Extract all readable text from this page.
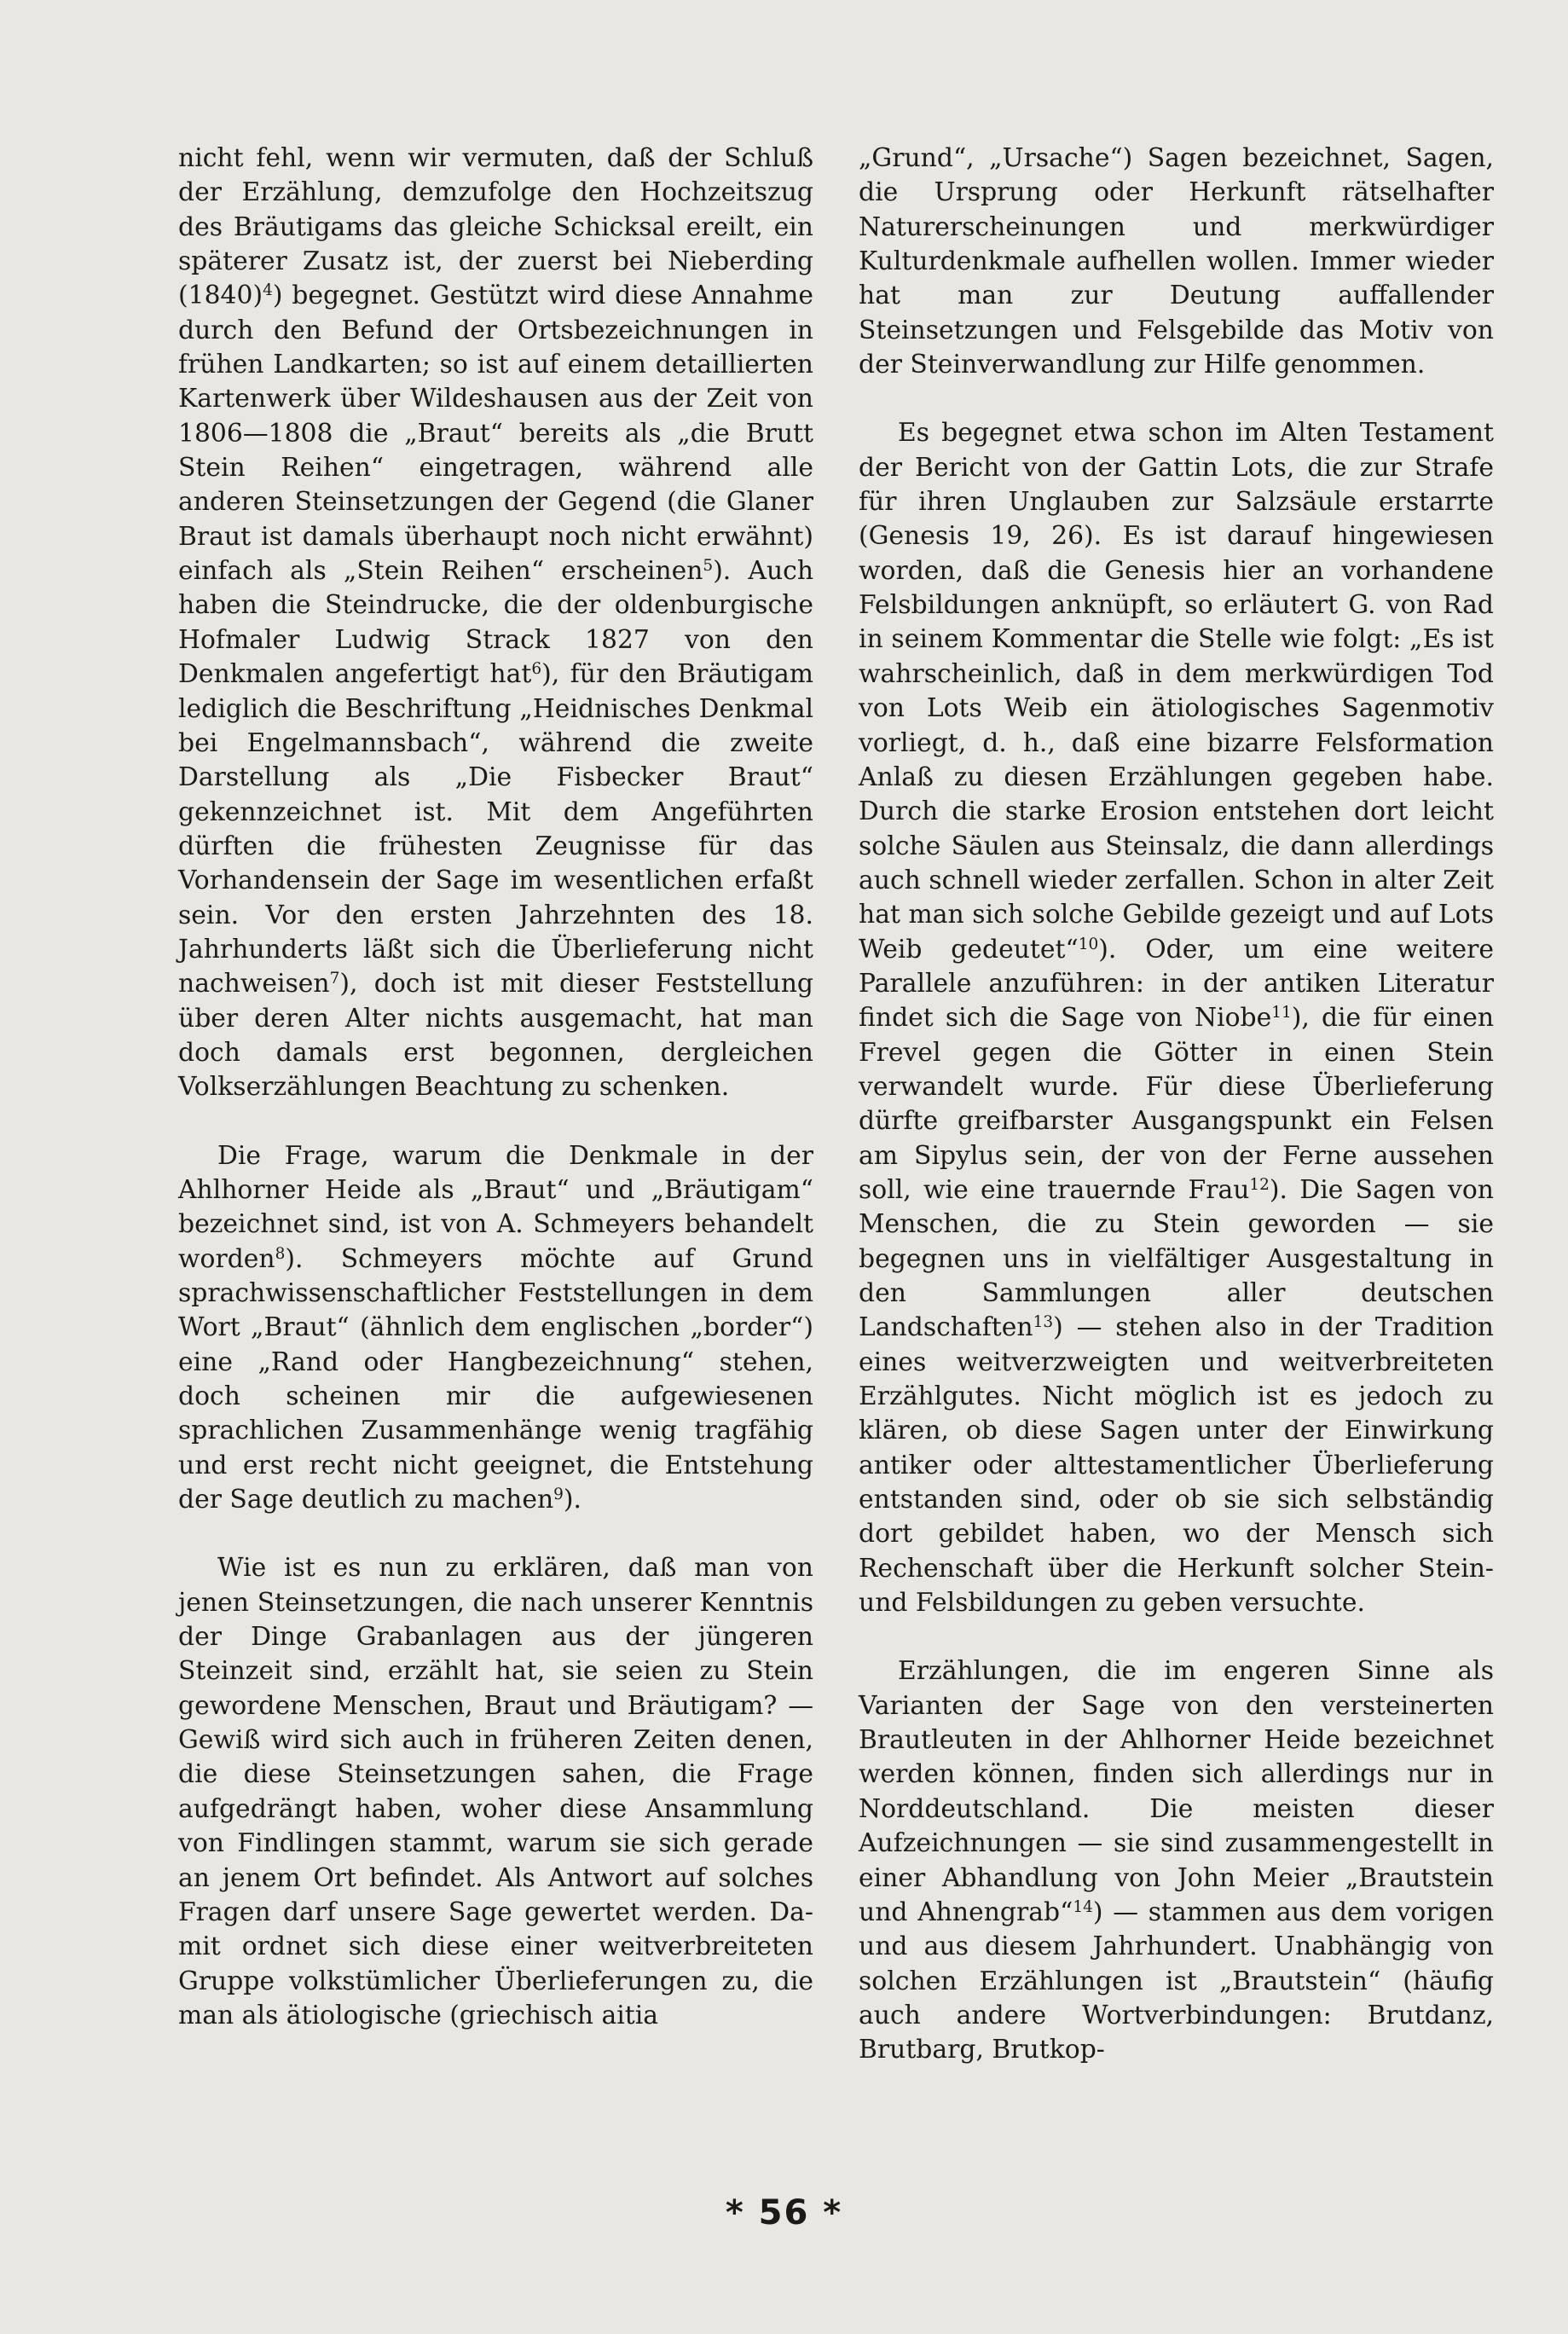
nicht fehl, wenn wir vermuten, daß der Schluß der Erzählung, demzufolge den Hochzeitszug des Bräutigams das gleiche Schicksal ereilt, ein späterer Zusatz ist, der zuerst bei Nieberding $(1840)^4$) begegnet. Gestützt wird diese Annahme durch den Befund der Ortsbezeichnungen in frühen Landkarten; so ist auf einem detaillierten Kartenwerk über Wildeshausen aus der Zeit von 1806—1808 die „Braut“ bereits als „die Brutt Stein Reihen“ eingetragen, während alle anderen Steinsetzungen der Gegend (die Glaner Braut ist damals überhaupt noch nicht erwähnt) einfach als „Stein Reihen“ erscheinen$^5$). Auch haben die Steindrucke, die der oldenburgische Hofmaler Ludwig Strack 1827 von den Denkmalen angefertigt hat$^6$), für den Bräutigam lediglich die Beschriftung „Heidnisches Denkmal bei Engelmannsbach“, während die zweite Darstellung als „Die Fisbecker Braut“ gekennzeichnet ist. Mit dem Angeführten dürften die frühesten Zeugnisse für das Vorhandensein der Sage im wesentlichen erfaßt sein. Vor den ersten Jahrzehnten des 18. Jahrhunderts läßt sich die Überlieferung nicht nachweisen$^7$), doch ist mit dieser Feststellung über deren Alter nichts ausgemacht, hat man doch damals erst begonnen, dergleichen Volkserzählungen Beachtung zu schenken.

Die Frage, warum die Denkmale in der Ahlhorner Heide als „Braut“ und „Bräutigam“ bezeichnet sind, ist von A. Schmeyers behandelt worden$^8$). Schmeyers möchte auf Grund sprachwissenschaftlicher Feststellungen in dem Wort „Braut“ (ähnlich dem englischen „border“) eine „Rand oder Hangbezeichnung“ stehen, doch scheinen mir die aufgewiesenen sprachlichen Zusammenhänge wenig tragfähig und erst recht nicht geeignet, die Entstehung der Sage deutlich zu machen$^9$).

Wie ist es nun zu erklären, daß man von jenen Steinsetzungen, die nach unserer Kenntnis der Dinge Grabanlagen aus der jüngeren Steinzeit sind, erzählt hat, sie seien zu Stein gewordene Menschen, Braut und Bräutigam? — Gewiß wird sich auch in früheren Zeiten denen, die diese Steinsetzungen sahen, die Frage aufgedrängt haben, woher diese Ansammlung von Findlingen stammt, warum sie sich gerade an jenem Ort befindet. Als Antwort auf solches Fragen darf unsere Sage gewertet werden. Damit ordnet sich diese einer weitverbreiteten Gruppe volkstümlicher Überlieferungen zu, die man als ätiologische (griechisch aitia

„Grund“, „Ursache“) Sagen bezeichnet, Sagen, die Ursprung oder Herkunft rätselhafter Naturerscheinungen und merkwürdiger Kulturdenkmale aufhellen wollen. Immer wieder hat man zur Deutung auffallender Steinsetzungen und Felsgebilde das Motiv von der Steinverwandlung zur Hilfe genommen.

Es begegnet etwa schon im Alten Testament der Bericht von der Gattin Lots, die zur Strafe für ihren Unglauben zur Salzsäule erstarrte (Genesis 19, 26). Es ist darauf hingewiesen worden, daß die Genesis hier an vorhandene Felsbildungen anknüpft, so erläutert G. von Rad in seinem Kommentar die Stelle wie folgt: „Es ist wahrscheinlich, daß in dem merkwürdigen Tod von Lots Weib ein ätiologisches Sagenmotiv vorliegt, d. h., daß eine bizarre Felsformation Anlaß zu diesen Erzählungen gegeben habe. Durch die starke Erosion entstehen dort leicht solche Säulen aus Steinsalz, die dann allerdings auch schnell wieder zerfallen. Schon in alter Zeit hat man sich solche Gebilde gezeigt und auf Lots Weib gedeutet“$^{10}$). Oder, um eine weitere Parallele anzuführen: in der antiken Literatur findet sich die Sage von Niobe$^{11}$), die für einen Frevel gegen die Götter in einen Stein verwandelt wurde. Für diese Überlieferung dürfte greifbarster Ausgangspunkt ein Felsen am Sipylus sein, der von der Ferne aussehen soll, wie eine trauernde Frau$^{12}$). Die Sagen von Menschen, die zu Stein geworden — sie begegnen uns in vielfältiger Ausgestaltung in den Sammlungen aller deutschen Landschaften$^{13}$) — stehen also in der Tradition eines weitverzweigten und weitverbreiteten Erzählgutes. Nicht möglich ist es jedoch zu klären, ob diese Sagen unter der Einwirkung antiker oder alttestamentlicher Überlieferung entstanden sind, oder ob sie sich selbständig dort gebildet haben, wo der Mensch sich Rechenschaft über die Herkunft solcher Stein- und Felsbildungen zu geben versuchte.

Erzählungen, die im engeren Sinne als Varianten der Sage von den versteinerten Brautleuten in der Ahlhorner Heide bezeichnet werden können, finden sich allerdings nur in Norddeutschland. Die meisten dieser Aufzeichnungen — sie sind zusammengestellt in einer Abhandlung von John Meier „Brautstein und Ahnengrab“$^{14}$) — stammen aus dem vorigen und aus diesem Jahrhundert. Unabhängig von solchen Erzählungen ist „Brautstein“ (häufig auch andere Wortverbindungen: Brutdanz, Brutbarg, Brutkop-

* 56 *
